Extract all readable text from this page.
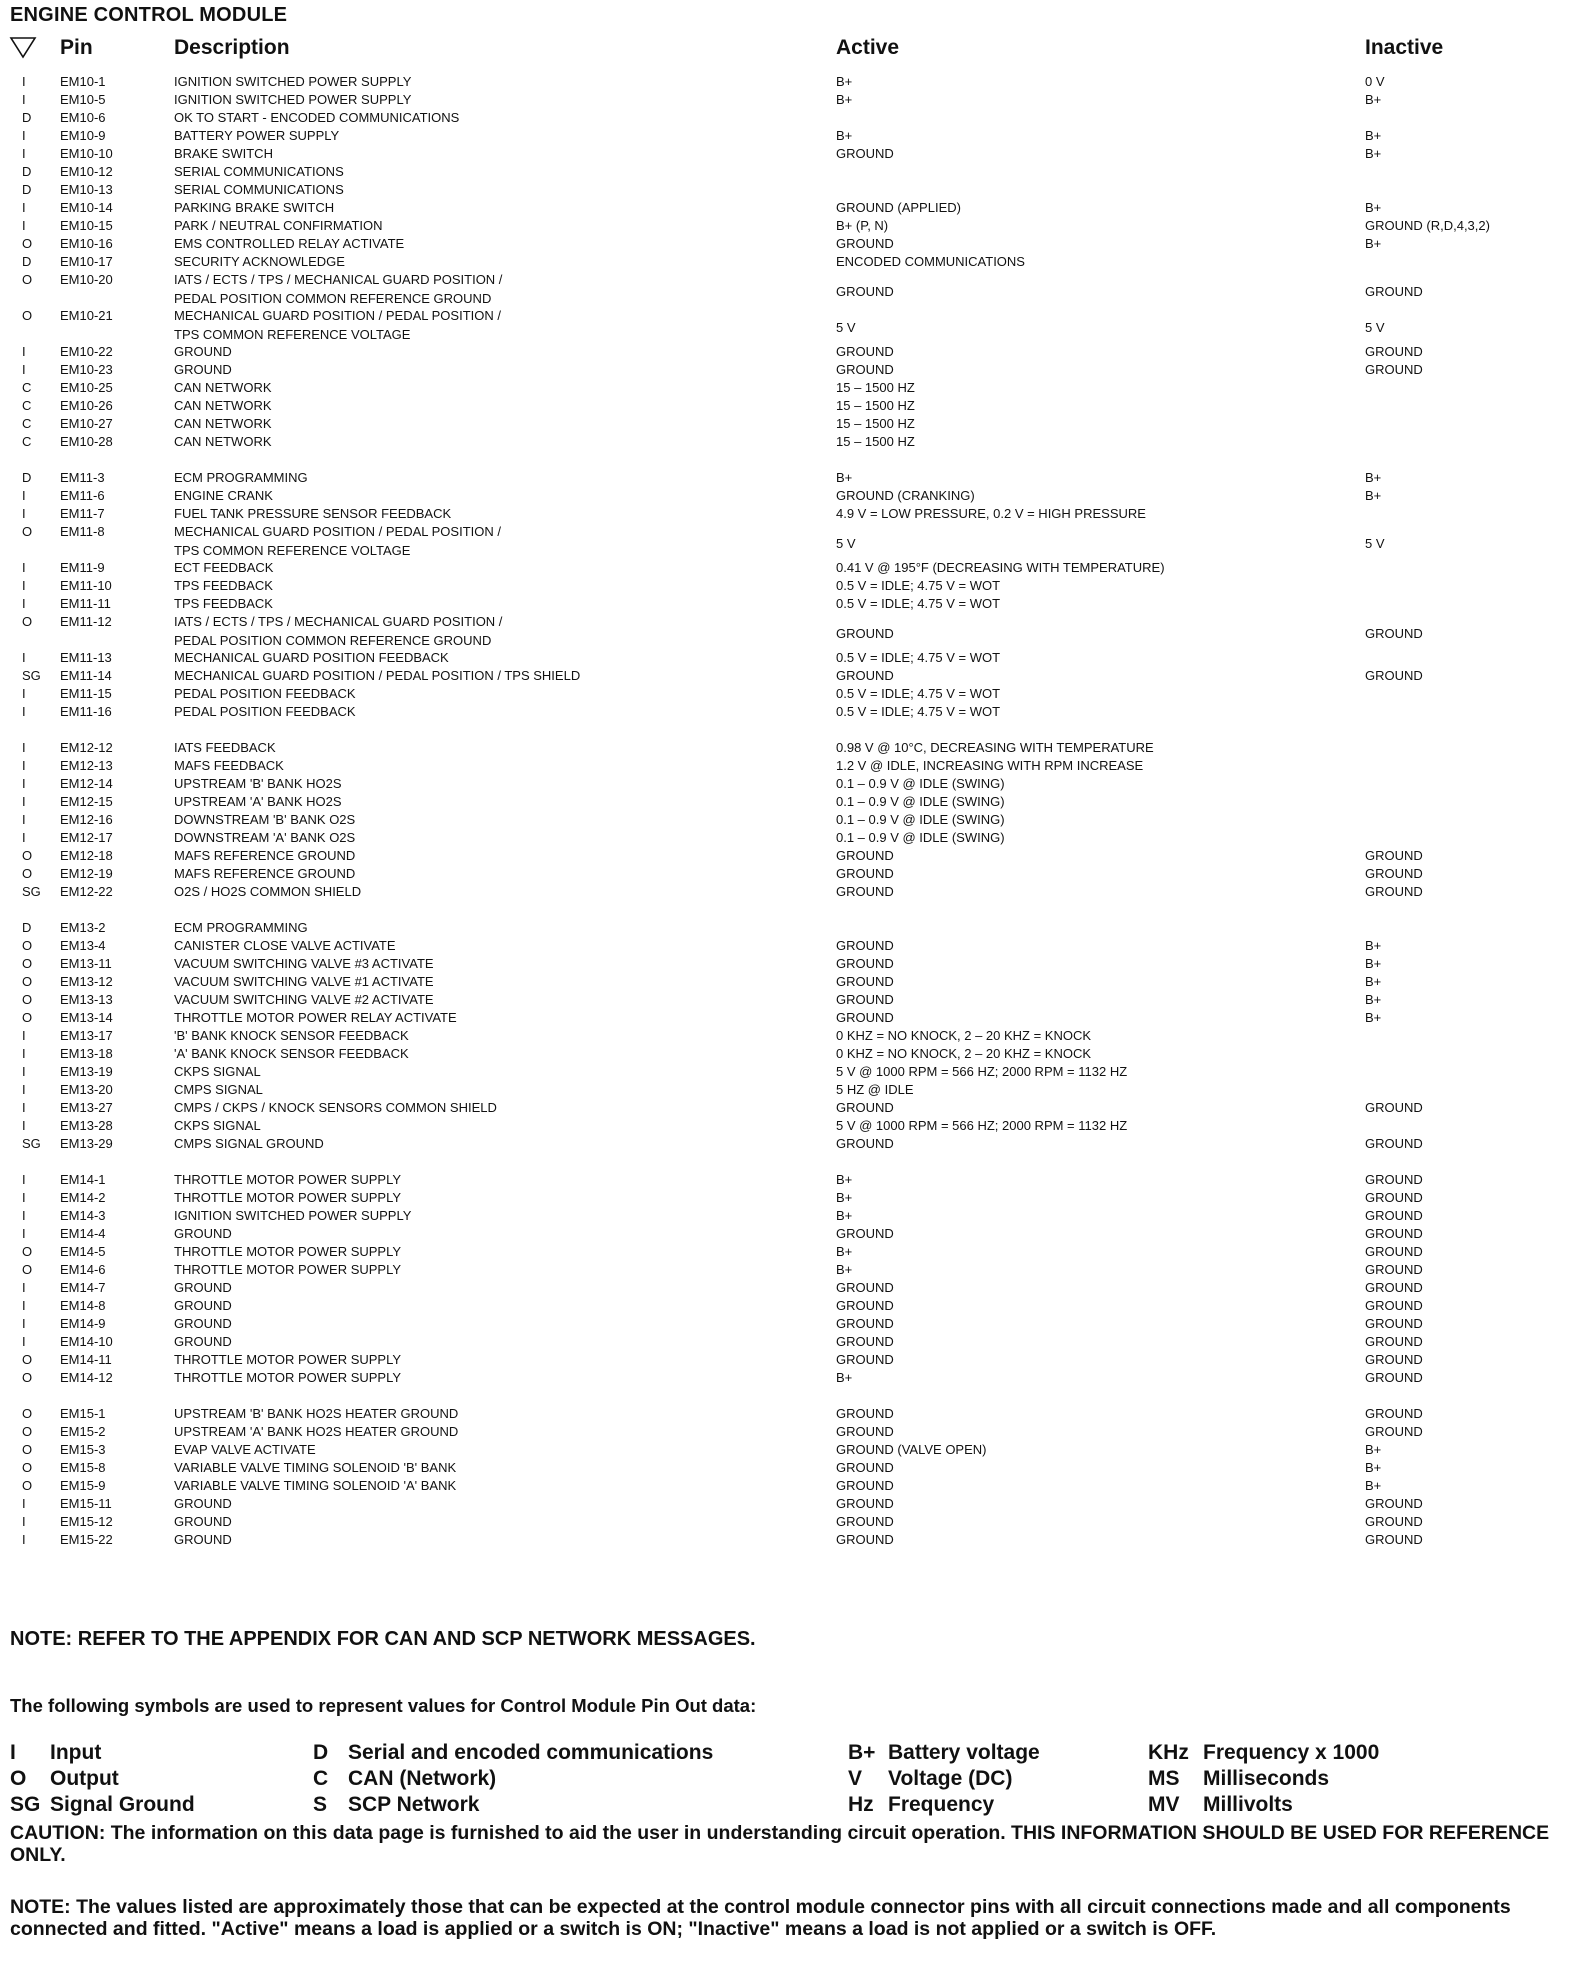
ENGINE CONTROL MODULE
Pin	Description	Active	Inactive
I	EM10-1	IGNITION SWITCHED POWER SUPPLY	B+	0 V
I	EM10-5	IGNITION SWITCHED POWER SUPPLY	B+	B+
D EM10-6	OK TO START - ENCODED COMMUNICATIONS
I	EM10-9	BATTERY POWER SUPPLY	B+	B+
I	EM10-10	BRAKE SWITCH	GROUND	B+
D EM10-12	SERIAL COMMUNICATIONS
D EM10-13	SERIAL COMMUNICATIONS
I	EM10-14	PARKING BRAKE SWITCH	GROUND (APPLIED)	B+
I	EM10-15	PARK / NEUTRAL CONFIRMATION	B+ (P, N)	GROUND (R,D,4,3,2)
O EM10-16	EMS CONTROLLED RELAY ACTIVATE	GROUND	B+
D EM10-17	SECURITY ACKNOWLEDGE	ENCODED COMMUNICATIONS
O EM10-20	IATS / ECTS / TPS / MECHANICAL GUARD POSITION /
PEDAL POSITION COMMON REFERENCE GROUND	GROUND	GROUND
O EM10-21	MECHANICAL GUARD POSITION / PEDAL POSITION /
TPS COMMON REFERENCE VOLTAGE	5 V	5 V
I	EM10-22	GROUND	GROUND	GROUND
I	EM10-23	GROUND	GROUND	GROUND
C EM10-25	CAN NETWORK	15 – 1500 HZ
C EM10-26	CAN NETWORK	15 – 1500 HZ
C EM10-27	CAN NETWORK	15 – 1500 HZ
C EM10-28	CAN NETWORK	15 – 1500 HZ
D EM11-3	ECM PROGRAMMING	B+	B+
I	EM11-6	ENGINE CRANK	GROUND (CRANKING)	B+
I	EM11-7	FUEL TANK PRESSURE SENSOR FEEDBACK	4.9 V = LOW PRESSURE, 0.2 V = HIGH PRESSURE
O EM11-8	MECHANICAL GUARD POSITION / PEDAL POSITION /
TPS COMMON REFERENCE VOLTAGE	5 V	5 V
I	EM11-9	ECT FEEDBACK	0.41 V @ 195°F (DECREASING WITH TEMPERATURE)
I	EM11-10	TPS FEEDBACK	0.5 V = IDLE; 4.75 V = WOT
I	EM11-11	TPS FEEDBACK	0.5 V = IDLE; 4.75 V = WOT
O EM11-12	IATS / ECTS / TPS / MECHANICAL GUARD POSITION /
PEDAL POSITION COMMON REFERENCE GROUND	GROUND	GROUND
I	EM11-13	MECHANICAL GUARD POSITION FEEDBACK	0.5 V = IDLE; 4.75 V = WOT
SG EM11-14	MECHANICAL GUARD POSITION / PEDAL POSITION / TPS SHIELD	GROUND	GROUND
I	EM11-15	PEDAL POSITION FEEDBACK	0.5 V = IDLE; 4.75 V = WOT
I	EM11-16	PEDAL POSITION FEEDBACK	0.5 V = IDLE; 4.75 V = WOT
I	EM12-12	IATS FEEDBACK	0.98 V @ 10°C, DECREASING WITH TEMPERATURE
I	EM12-13	MAFS FEEDBACK	1.2 V @ IDLE, INCREASING WITH RPM INCREASE
I	EM12-14	UPSTREAM 'B' BANK HO2S	0.1 – 0.9 V @ IDLE (SWING)
I	EM12-15	UPSTREAM 'A' BANK HO2S	0.1 – 0.9 V @ IDLE (SWING)
I	EM12-16	DOWNSTREAM 'B' BANK O2S	0.1 – 0.9 V @ IDLE (SWING)
I	EM12-17	DOWNSTREAM 'A' BANK O2S	0.1 – 0.9 V @ IDLE (SWING)
O EM12-18	MAFS REFERENCE GROUND	GROUND	GROUND
O EM12-19	MAFS REFERENCE GROUND	GROUND	GROUND
SG EM12-22	O2S / HO2S COMMON SHIELD	GROUND	GROUND
D EM13-2	ECM PROGRAMMING
O EM13-4	CANISTER CLOSE VALVE ACTIVATE	GROUND	B+
O EM13-11	VACUUM SWITCHING VALVE #3 ACTIVATE	GROUND	B+
O EM13-12	VACUUM SWITCHING VALVE #1 ACTIVATE	GROUND	B+
O EM13-13	VACUUM SWITCHING VALVE #2 ACTIVATE	GROUND	B+
O EM13-14	THROTTLE MOTOR POWER RELAY ACTIVATE	GROUND	B+
I	EM13-17	'B' BANK KNOCK SENSOR FEEDBACK	0 KHZ = NO KNOCK, 2 – 20 KHZ = KNOCK
I	EM13-18	'A' BANK KNOCK SENSOR FEEDBACK	0 KHZ = NO KNOCK, 2 – 20 KHZ = KNOCK
I	EM13-19	CKPS SIGNAL	5 V @ 1000 RPM = 566 HZ; 2000 RPM = 1132 HZ
I	EM13-20	CMPS SIGNAL	5 HZ @ IDLE
I	EM13-27	CMPS / CKPS / KNOCK SENSORS COMMON SHIELD	GROUND	GROUND
I	EM13-28	CKPS SIGNAL	5 V @ 1000 RPM = 566 HZ; 2000 RPM = 1132 HZ
SG EM13-29	CMPS SIGNAL GROUND	GROUND	GROUND
I	EM14-1	THROTTLE MOTOR POWER SUPPLY	B+	GROUND
I	EM14-2	THROTTLE MOTOR POWER SUPPLY	B+	GROUND
I	EM14-3	IGNITION SWITCHED POWER SUPPLY	B+	GROUND
I	EM14-4	GROUND	GROUND	GROUND
O EM14-5	THROTTLE MOTOR POWER SUPPLY	B+	GROUND
O EM14-6	THROTTLE MOTOR POWER SUPPLY	B+	GROUND
I	EM14-7	GROUND	GROUND	GROUND
I	EM14-8	GROUND	GROUND	GROUND
I	EM14-9	GROUND	GROUND	GROUND
I	EM14-10	GROUND	GROUND	GROUND
O EM14-11	THROTTLE MOTOR POWER SUPPLY	GROUND	GROUND
O EM14-12	THROTTLE MOTOR POWER SUPPLY	B+	GROUND
O EM15-1	UPSTREAM 'B' BANK HO2S HEATER GROUND	GROUND	GROUND
O EM15-2	UPSTREAM 'A' BANK HO2S HEATER GROUND	GROUND	GROUND
O EM15-3	EVAP VALVE ACTIVATE	GROUND (VALVE OPEN)	B+
O EM15-8	VARIABLE VALVE TIMING SOLENOID 'B' BANK	GROUND	B+
O EM15-9	VARIABLE VALVE TIMING SOLENOID 'A' BANK	GROUND	B+
I	EM15-11	GROUND	GROUND	GROUND
I	EM15-12	GROUND	GROUND	GROUND
I	EM15-22	GROUND	GROUND	GROUND
NOTE: REFER TO THE APPENDIX FOR CAN AND SCP NETWORK MESSAGES.
The following symbols are used to represent values for Control Module Pin Out data:
I Input
O Output
SG Signal Ground
D Serial and encoded communications
C CAN (Network)
S SCP Network
B+ Battery voltage
V Voltage (DC)
Hz Frequency
KHz Frequency x 1000
MS Milliseconds
MV Millivolts
CAUTION: The information on this data page is furnished to aid the user in understanding circuit operation. THIS INFORMATION SHOULD BE USED FOR REFERENCE ONLY.
NOTE: The values listed are approximately those that can be expected at the control module connector pins with all circuit connections made and all components connected and fitted. "Active" means a load is applied or a switch is ON; "Inactive" means a load is not applied or a switch is OFF.
